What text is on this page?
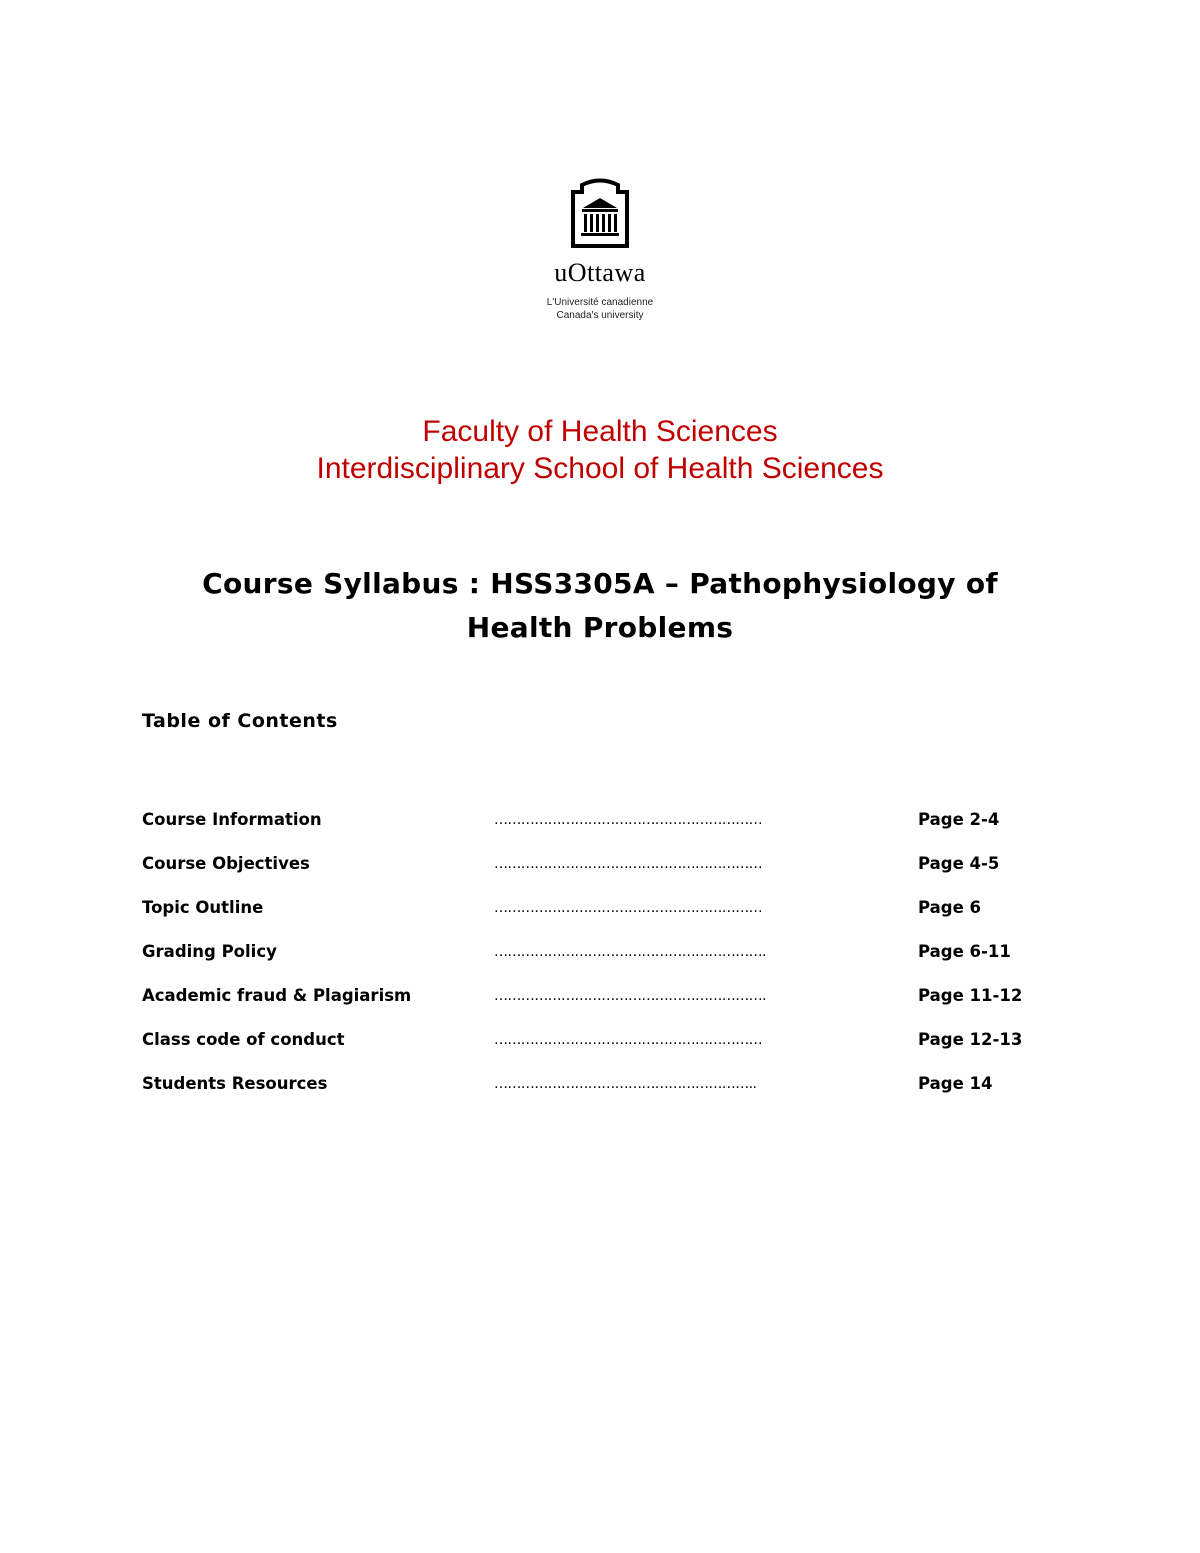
uOttawa
L'Université canadienne
Canada's university
Faculty of Health Sciences
Interdisciplinary School of Health Sciences
Course Syllabus : HSS3305A – Pathophysiology of
Health Problems
Table of Contents
Course Information	……………………………………………………	Page 2-4
Course Objectives	……………………………………………………	Page 4-5
Topic Outline	……………………………………………………	Page 6
Grading Policy	…………………………………………………….	Page 6-11
Academic fraud & Plagiarism	…………………………………………………….	Page 11-12
Class code of conduct	……………………………………………………	Page 12-13
Students Resources	…………………………………………………..	Page 14
